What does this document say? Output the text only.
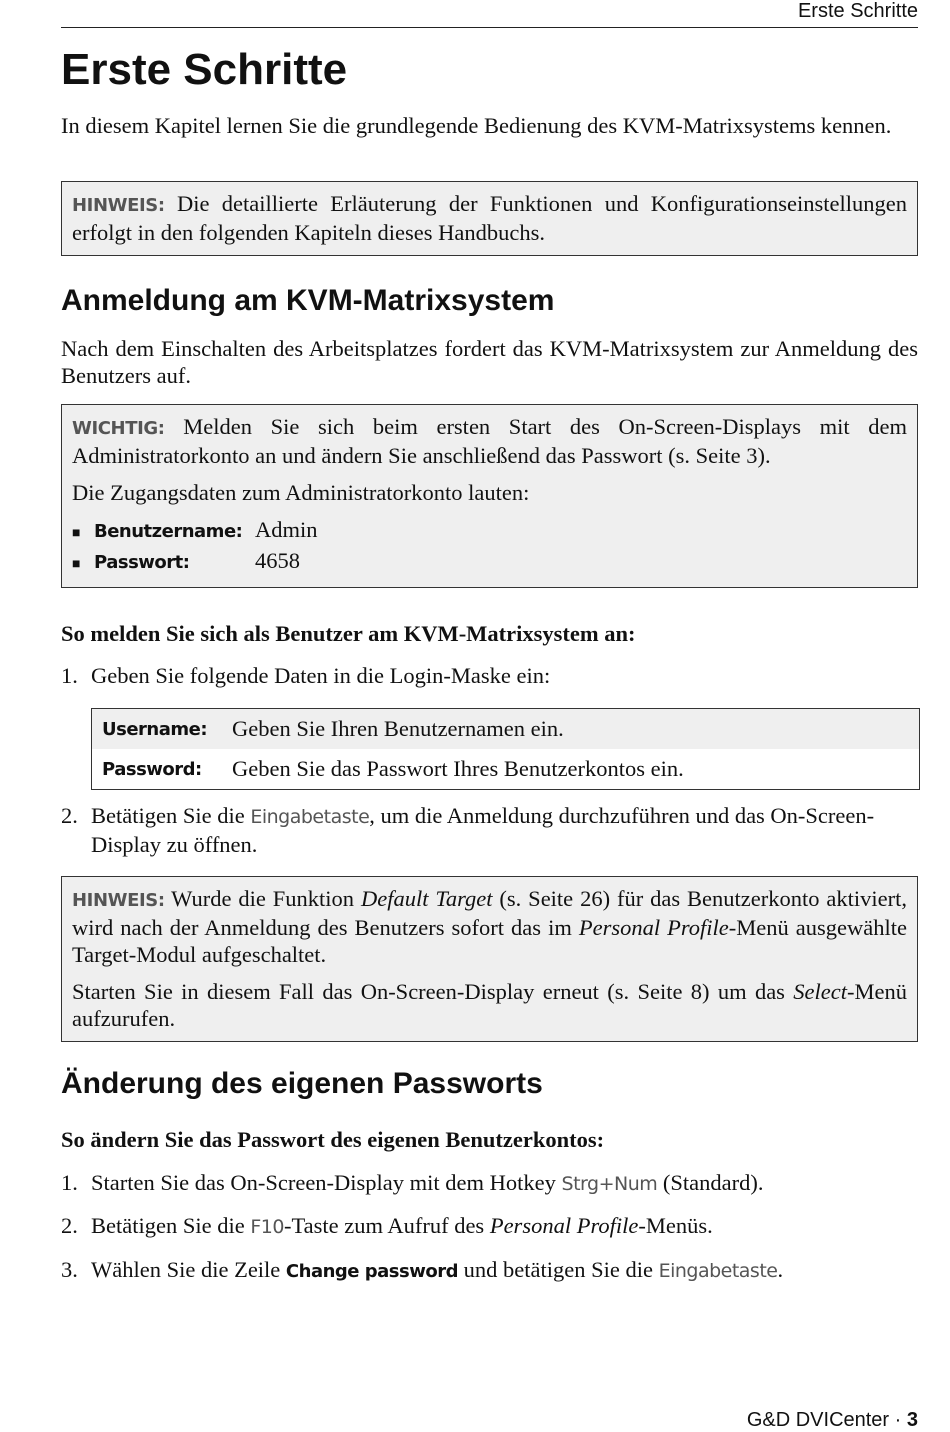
Erste Schritte
Erste Schritte

In diesem Kapitel lernen Sie die grundlegende Bedienung des KVM-Matrixsystems kennen.

HINWEIS: Die detaillierte Erläuterung der Funktionen und Konfigurationseinstellungen erfolgt in den folgenden Kapiteln dieses Handbuchs.

Anmeldung am KVM-Matrixsystem

Nach dem Einschalten des Arbeitsplatzes fordert das KVM-Matrixsystem zur Anmeldung des Benutzers auf.

WICHTIG: Melden Sie sich beim ersten Start des On-Screen-Displays mit dem Administratorkonto an und ändern Sie anschließend das Passwort (s. Seite 3).

Die Zugangsdaten zum Administratorkonto lauten:

■ Benutzername: Admin
■ Passwort:	4658

So melden Sie sich als Benutzer am KVM-Matrixsystem an:

1. Geben Sie folgende Daten in die Login-Maske ein:
Username:	Geben Sie Ihren Benutzernamen ein.
Password:	Geben Sie das Passwort Ihres Benutzerkontos ein.
2. Betätigen Sie die Eingabetaste, um die Anmeldung durchzuführen und das On-Screen-Display zu öffnen.

HINWEIS: Wurde die Funktion Default Target (s. Seite 26) für das Benutzerkonto aktiviert, wird nach der Anmeldung des Benutzers sofort das im Personal Profile-Menü ausgewählte Target-Modul aufgeschaltet.

Starten Sie in diesem Fall das On-Screen-Display erneut (s. Seite 8) um das Select-Menü aufzurufen.

Änderung des eigenen Passworts

So ändern Sie das Passwort des eigenen Benutzerkontos:

1. Starten Sie das On-Screen-Display mit dem Hotkey Strg+Num (Standard).
2. Betätigen Sie die F10-Taste zum Aufruf des Personal Profile-Menüs.
3. Wählen Sie die Zeile Change password und betätigen Sie die Eingabetaste.
G&D DVICenter · 3
